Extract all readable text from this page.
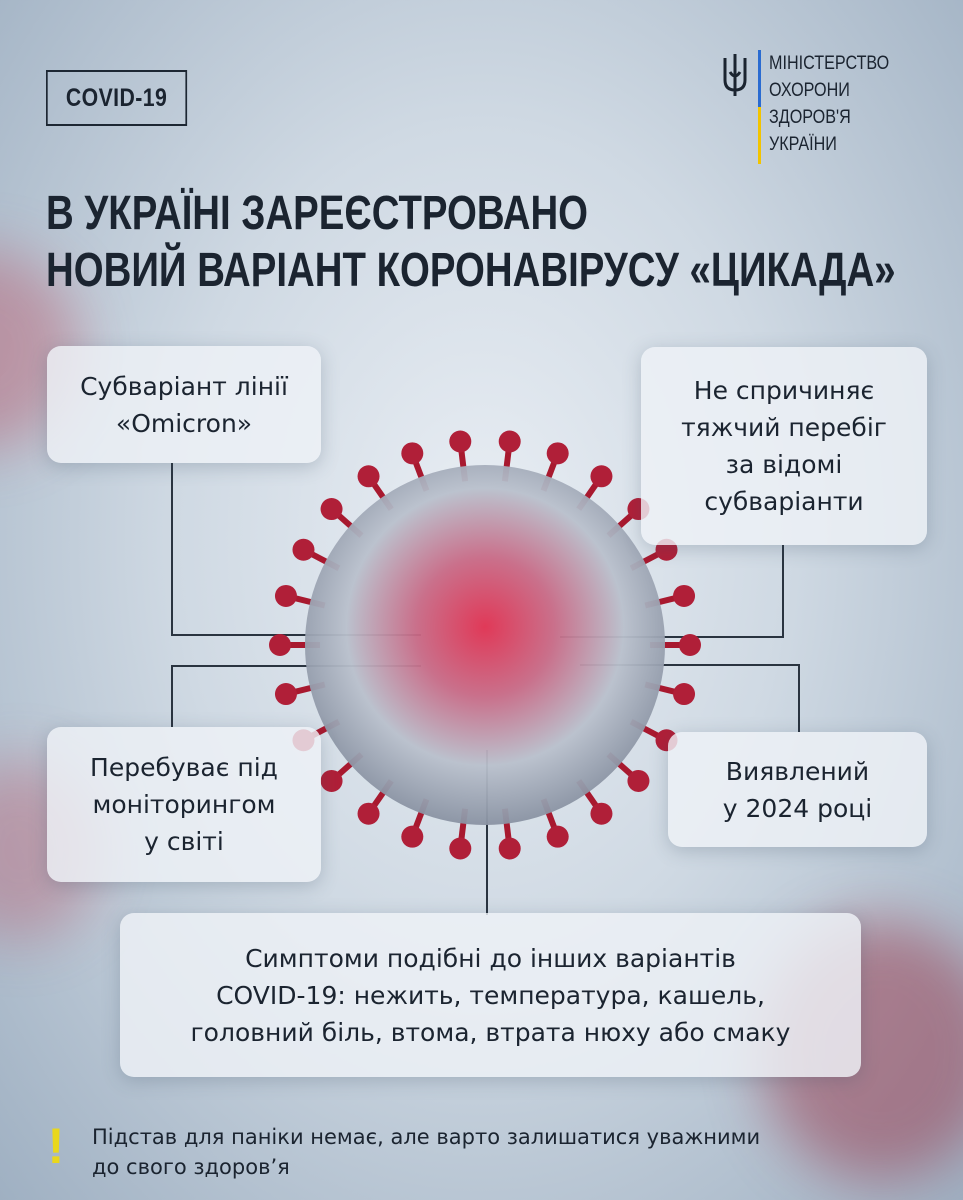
COVID-19
МІНІСТЕРСТВО
ОХОРОНИ
ЗДОРОВ'Я
УКРАЇНИ
В УКРАЇНІ ЗАРЕЄСТРОВАНО
НОВИЙ ВАРІАНТ КОРОНАВІРУСУ «ЦИКАДА»
Субваріант лінії
«Omicron»
Не спричиняє
тяжчий перебіг
за відомі
субваріанти
Перебуває під
моніторингом
у світі
Виявлений
у 2024 році
Симптоми подібні до інших варіантів
COVID-19: нежить, температура, кашель,
головний біль, втома, втрата нюху або смаку
! Підстав для паніки немає, але варто залишатися уважними
до свого здоров’я
